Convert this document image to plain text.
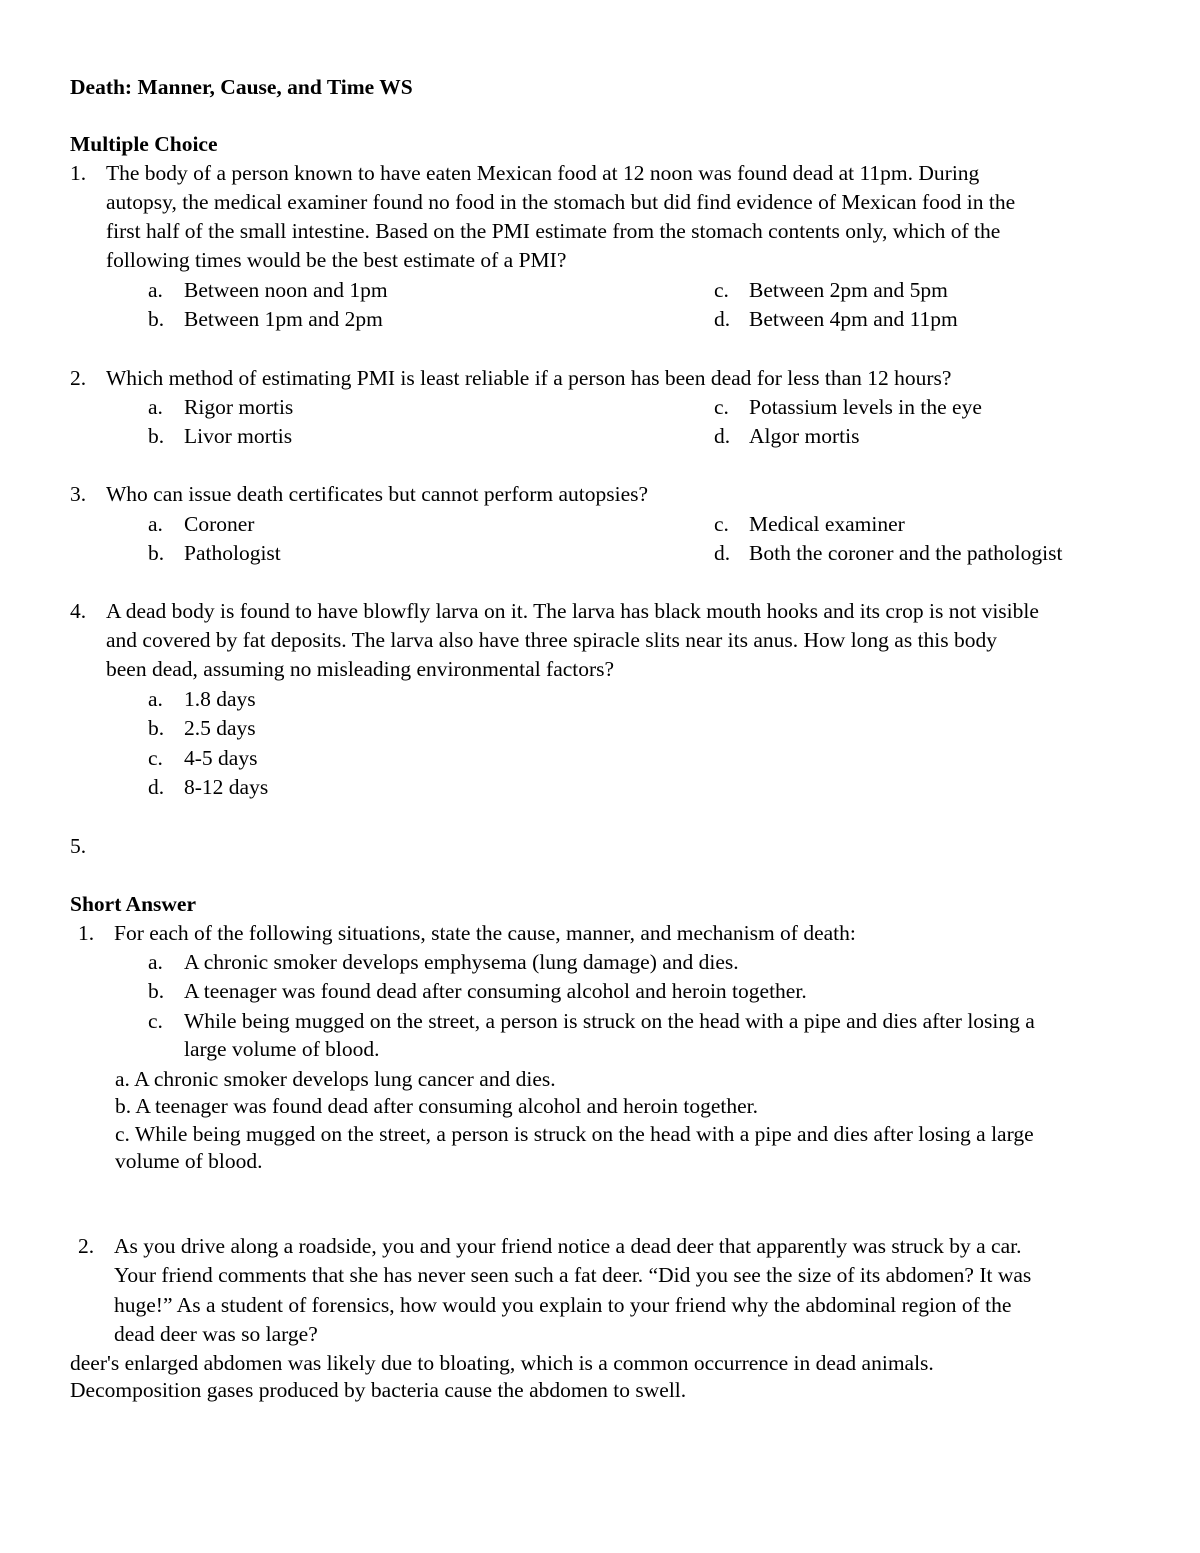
Death: Manner, Cause, and Time WS
Multiple Choice
1. The body of a person known to have eaten Mexican food at 12 noon was found dead at 11pm. During
autopsy, the medical examiner found no food in the stomach but did find evidence of Mexican food in the
first half of the small intestine. Based on the PMI estimate from the stomach contents only, which of the
following times would be the best estimate of a PMI?
a. Between noon and 1pm	c. Between 2pm and 5pm
b. Between 1pm and 2pm	d. Between 4pm and 11pm
2. Which method of estimating PMI is least reliable if a person has been dead for less than 12 hours?
a. Rigor mortis	c. Potassium levels in the eye
b. Livor mortis	d. Algor mortis
3. Who can issue death certificates but cannot perform autopsies?
a. Coroner	c. Medical examiner
b. Pathologist	d. Both the coroner and the pathologist
4. A dead body is found to have blowfly larva on it. The larva has black mouth hooks and its crop is not visible
and covered by fat deposits. The larva also have three spiracle slits near its anus. How long as this body
been dead, assuming no misleading environmental factors?
a. 1.8 days
b. 2.5 days
c. 4-5 days
d. 8-12 days
5.
Short Answer
1. For each of the following situations, state the cause, manner, and mechanism of death:
a. A chronic smoker develops emphysema (lung damage) and dies.
b. A teenager was found dead after consuming alcohol and heroin together.
c. While being mugged on the street, a person is struck on the head with a pipe and dies after losing a
large volume of blood.
a. A chronic smoker develops lung cancer and dies.
b. A teenager was found dead after consuming alcohol and heroin together.
c. While being mugged on the street, a person is struck on the head with a pipe and dies after losing a large
volume of blood.
2. As you drive along a roadside, you and your friend notice a dead deer that apparently was struck by a car.
Your friend comments that she has never seen such a fat deer. “Did you see the size of its abdomen? It was
huge!” As a student of forensics, how would you explain to your friend why the abdominal region of the
dead deer was so large?
deer's enlarged abdomen was likely due to bloating, which is a common occurrence in dead animals.
Decomposition gases produced by bacteria cause the abdomen to swell.
